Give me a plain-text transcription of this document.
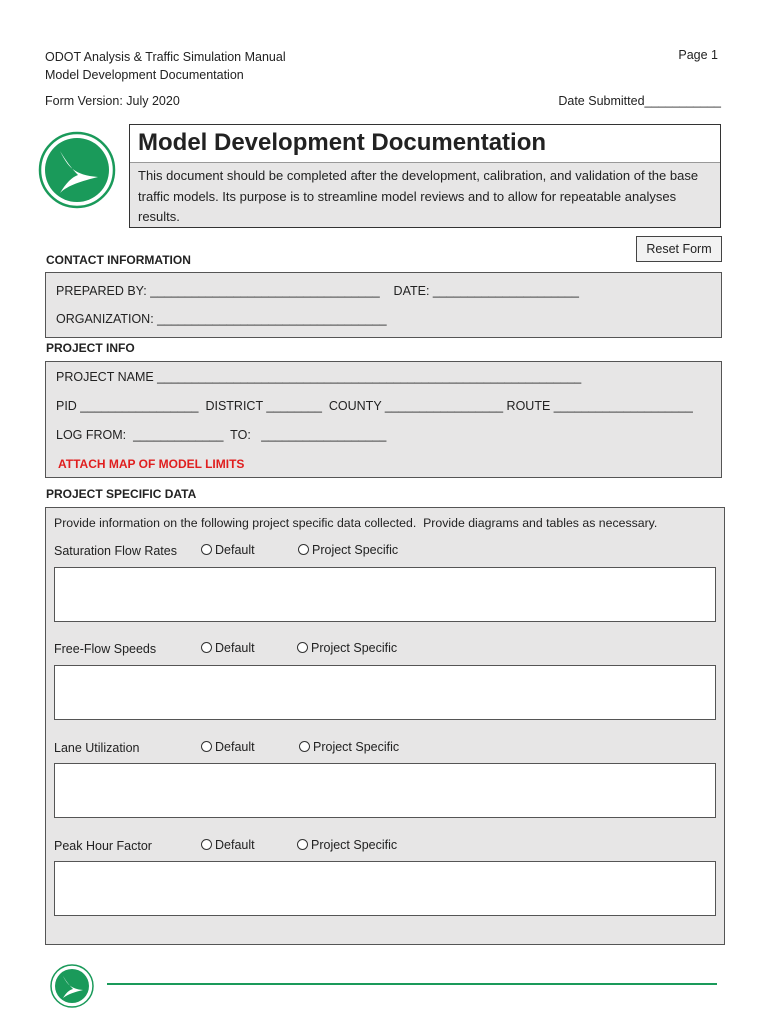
ODOT Analysis & Traffic Simulation Manual
Model Development Documentation
Page 1
Form Version: July 2020	Date Submitted___________
Model Development Documentation
This document should be completed after the development, calibration, and validation of the base traffic models. Its purpose is to streamline model reviews and to allow for repeatable analyses results.
Reset Form
CONTACT INFORMATION
PREPARED BY: _________________________________    DATE: _____________________
ORGANIZATION: _________________________________
PROJECT INFO
PROJECT NAME _____________________________________________________________
PID _________________  DISTRICT ________  COUNTY _________________ ROUTE ____________________
LOG FROM:  _____________  TO:   __________________
ATTACH MAP OF MODEL LIMITS
PROJECT SPECIFIC DATA
Provide information on the following project specific data collected.  Provide diagrams and tables as necessary.
Saturation Flow Rates	Default	Project Specific
Free-Flow Speeds	Default	Project Specific
Lane Utilization	Default	Project Specific
Peak Hour Factor	Default	Project Specific
